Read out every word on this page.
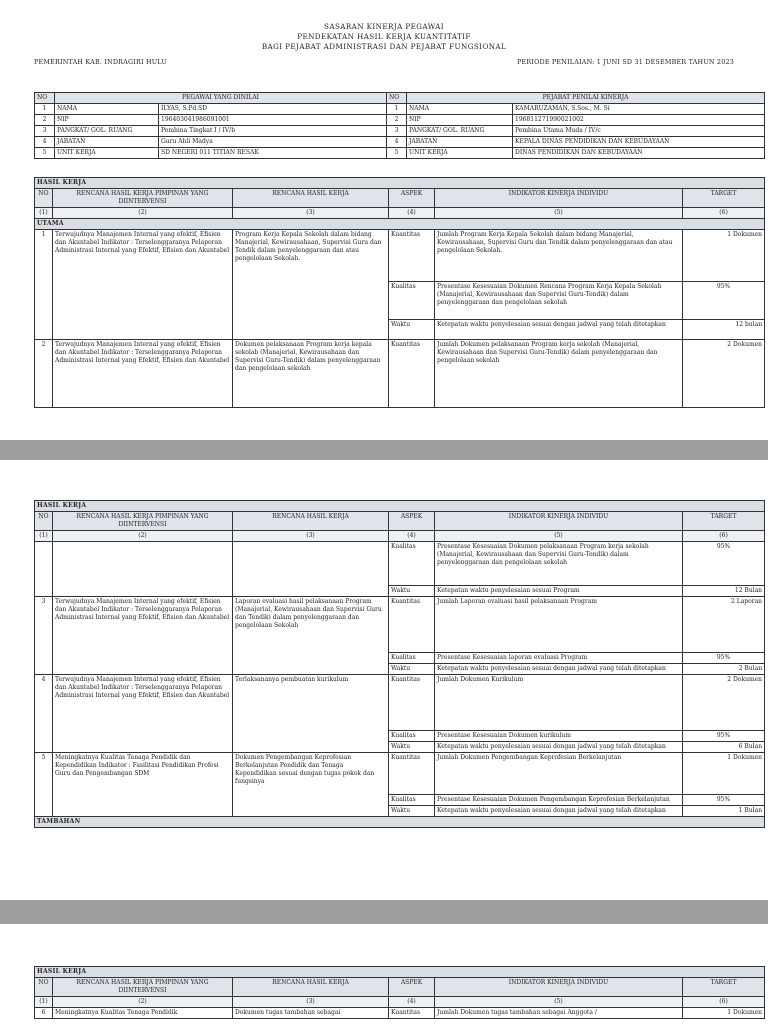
SASARAN KINERJA PEGAWAI
PENDEKATAN HASIL KERJA KUANTITATIF
BAGI PEJABAT ADMINISTRASI DAN PEJABAT FUNGSIONAL
PEMERINTAH KAB. INDRAGIRI HULU	PERIODE PENILAIAN: 1 JUNI SD 31 DESEMBER TAHUN 2023
NO	PEGAWAI YANG DINILAI		NO	PEJABAT PENILAI KINERJA	
1	NAMA	ILYAS, S.Pd.SD	1	NAMA	KAMARUZAMAN, S.Sos., M. Si
2	NIP	196403041986091001	2	NIP	196811271990021002
3	PANGKAT/ GOL. RUANG	Pembina Tingkat I / IV/b	3	PANGKAT/ GOL. RUANG	Pembina Utama Muda / IV/c
4	JABATAN	Guru Ahli Madya	4	JABATAN	KEPALA DINAS PENDIDIKAN DAN KEBUDAYAAN
5	UNIT KERJA	SD NEGERI 011 TITIAN RESAK	5	UNIT KERJA	DINAS PENDIDIKAN DAN KEBUDAYAAN
HASIL KERJA					
NO	RENCANA HASIL KERJA PIMPINAN YANG DIINTERVENSI	RENCANA HASIL KERJA	ASPEK	INDIKATOR KINERJA INDIVIDU	TARGET
(1)	(2)	(3)	(4)	(5)	(6)
UTAMA					
1	Terwujudnya Manajemen Internal yang efektif, Efisien dan Akuntabel Indikator : Terselenggaranya Pelaporan Administrasi Internal yang Efektif, Efisien dan Akuntabel	Program Kerja Kepala Sekolah dalam bidang Manajerial, Kewirausahaan, Supervisi Guru dan Tendik dalam penyelenggaraan dan atau pengelolaan Sekolah.	Kuantitas	Jumlah Program Kerja Kepala Sekolah dalam bidang Manajerial, Kewirausahaan, Supervisi Guru dan Tendik dalam penyelenggaraan dan atau pengelolaan Sekolah.	1 Dokumen
			Kualitas	Presentase Kesesuaian Dokumen Rencana Program Kerja Kepala Sekolah (Manajerial, Kewirausahaan dan Supervisi Guru-Tendik) dalam penyelenggaraan dan pengelolaan sekolah	95%
			Waktu	Ketepatan waktu penyelesaian sesuai dengan jadwal yang telah ditetapkan	12 bulan
2	Terwujudnya Manajemen Internal yang efektif, Efisien dan Akuntabel Indikator : Terselenggaranya Pelaporan Administrasi Internal yang Efektif, Efisien dan Akuntabel	Dokumen pelaksanaan Program kerja kepala sekolah (Manajerial, Kewirausahaan dan Supervisi Guru-Tendik) dalam penyelenggaraan dan pengelolaan sekolah	Kuantitas	Jumlah Dokumen pelaksanaan Program kerja sekolah (Manajerial, Kewirausahaan dan Supervisi Guru-Tendik) dalam penyelenggaraan dan pengelolaan sekolah	2 Dokumen
HASIL KERJA					
NO	RENCANA HASIL KERJA PIMPINAN YANG DIINTERVENSI	RENCANA HASIL KERJA	ASPEK	INDIKATOR KINERJA INDIVIDU	TARGET
(1)	(2)	(3)	(4)	(5)	(6)
			Kualitas	Presentase Kesesuaian Dokumen pelaksanaan Program kerja sekolah (Manajerial, Kewirausahaan dan Supervisi Guru-Tendik) dalam penyelenggaraan dan pengelolaan sekolah	95%
			Waktu	Ketepatan waktu penyelesaian sesuai Program	12 Bulan
3	Terwujudnya Manajemen Internal yang efektif, Efisien dan Akuntabel Indikator : Terselenggaranya Pelaporan Administrasi Internal yang Efektif, Efisien dan Akuntabel	Laporan evaluasi hasil pelaksanaan Program (Manajerial, Kewirausahaan dan Supervisi Guru dan Tendik) dalam penyelenggaraan dan pengelolaan Sekolah	Kuantitas	Jumlah Laporan evaluasi hasil pelaksanaan Program	2 Laporan
			Kualitas	Presentase Kesesuaian laporan evaluasi Program	95%
			Waktu	Ketepatan waktu penyelesaian sesuai dengan jadwal yang telah ditetapkan	2 Bulan
4	Terwujudnya Manajemen Internal yang efektif, Efisien dan Akuntabel Indikator : Terselenggaranya Pelaporan Administrasi Internal yang Efektif, Efisien dan Akuntabel	Terlaksananya pembuatan kurikulum	Kuantitas	Jumlah Dokumen Kurikulum	2 Dokumen
			Kualitas	Presentase Kesesuaian Dokumen kurikulum	95%
			Waktu	Ketepatan waktu penyelesaian sesuai dengan jadwal yang telah ditetapkan	6 Bulan
5	Meningkatnya Kualitas Tenaga Pendidik dan Kependidikan Indikator : Fasilitasi Pendidikan Profesi Guru dan Pengembangan SDM	Dokumen Pengembangan Keprofesian Berkelanjutan Pendidik dan Tenaga Kependidikan sesuai dengan tugas pokok dan fungsinya	Kuantitas	Jumlah Dokumen Pengembangan Keprofesian Berkelanjutan	1 Dokumen
			Kualitas	Presentase Kesesuaian Dokumen Pengembangan Keprofesian Berkelanjutan	95%
			Waktu	Ketepatan waktu penyelesaian sesuai dengan jadwal yang telah ditetapkan	1 Bulan
TAMBAHAN					
HASIL KERJA					
NO	RENCANA HASIL KERJA PIMPINAN YANG DIINTERVENSI	RENCANA HASIL KERJA	ASPEK	INDIKATOR KINERJA INDIVIDU	TARGET
(1)	(2)	(3)	(4)	(5)	(6)
6	Meningkatnya Kualitas Tenaga Pendidik	Dokumen tugas tambahan sebagai	Kuantitas	Jumlah Dokumen tugas tambahan sebagai Anggota /	1 Dokumen
